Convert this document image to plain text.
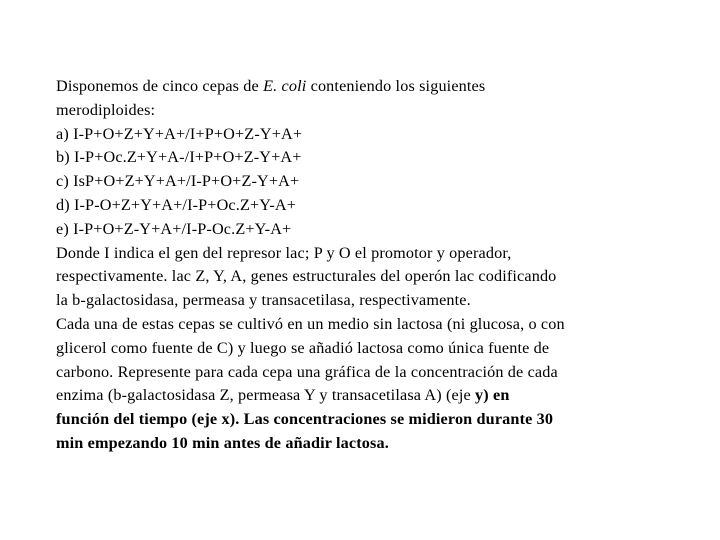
Disponemos de cinco cepas de E. coli conteniendo los siguientes
merodiploides:
a) I-P+O+Z+Y+A+/I+P+O+Z-Y+A+
b) I-P+Oc.Z+Y+A-/I+P+O+Z-Y+A+
c) IsP+O+Z+Y+A+/I-P+O+Z-Y+A+
d) I-P-O+Z+Y+A+/I-P+Oc.Z+Y-A+
e) I-P+O+Z-Y+A+/I-P-Oc.Z+Y-A+
Donde I indica el gen del represor lac; P y O el promotor y operador,
respectivamente. lac Z, Y, A, genes estructurales del operón lac codificando
la b-galactosidasa, permeasa y transacetilasa, respectivamente.
Cada una de estas cepas se cultivó en un medio sin lactosa (ni glucosa, o con
glicerol como fuente de C) y luego se añadió lactosa como única fuente de
carbono. Represente para cada cepa una gráfica de la concentración de cada
enzima (b-galactosidasa Z, permeasa Y y transacetilasa A) (eje y) en
función del tiempo (eje x). Las concentraciones se midieron durante 30
min empezando 10 min antes de añadir lactosa.
